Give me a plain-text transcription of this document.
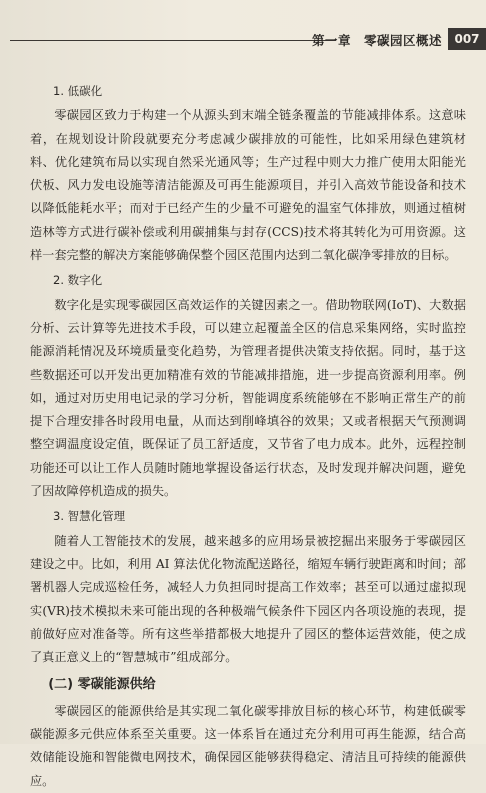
第一章　零碳园区概述	007

1. 低碳化

零碳园区致力于构建一个从源头到末端全链条覆盖的节能减排体系。这意味着，在规划设计阶段就要充分考虑减少碳排放的可能性，比如采用绿色建筑材料、优化建筑布局以实现自然采光通风等；生产过程中则大力推广使用太阳能光伏板、风力发电设施等清洁能源及可再生能源项目，并引入高效节能设备和技术以降低能耗水平；而对于已经产生的少量不可避免的温室气体排放，则通过植树造林等方式进行碳补偿或利用碳捕集与封存(CCS)技术将其转化为可用资源。这样一套完整的解决方案能够确保整个园区范围内达到二氧化碳净零排放的目标。

2. 数字化

数字化是实现零碳园区高效运作的关键因素之一。借助物联网(IoT)、大数据分析、云计算等先进技术手段，可以建立起覆盖全区的信息采集网络，实时监控能源消耗情况及环境质量变化趋势，为管理者提供决策支持依据。同时，基于这些数据还可以开发出更加精准有效的节能减排措施，进一步提高资源利用率。例如，通过对历史用电记录的学习分析，智能调度系统能够在不影响正常生产的前提下合理安排各时段用电量，从而达到削峰填谷的效果；又或者根据天气预测调整空调温度设定值，既保证了员工舒适度，又节省了电力成本。此外，远程控制功能还可以让工作人员随时随地掌握设备运行状态，及时发现并解决问题，避免了因故障停机造成的损失。

3. 智慧化管理

随着人工智能技术的发展，越来越多的应用场景被挖掘出来服务于零碳园区建设之中。比如，利用 AI 算法优化物流配送路径，缩短车辆行驶距离和时间；部署机器人完成巡检任务，减轻人力负担同时提高工作效率；甚至可以通过虚拟现实(VR)技术模拟未来可能出现的各种极端气候条件下园区内各项设施的表现，提前做好应对准备等。所有这些举措都极大地提升了园区的整体运营效能，使之成了真正意义上的“智慧城市”组成部分。

(二) 零碳能源供给

零碳园区的能源供给是其实现二氧化碳零排放目标的核心环节，构建低碳零碳能源多元供应体系至关重要。这一体系旨在通过充分利用可再生能源，结合高效储能设施和智能微电网技术，确保园区能够获得稳定、清洁且可持续的能源供应。
